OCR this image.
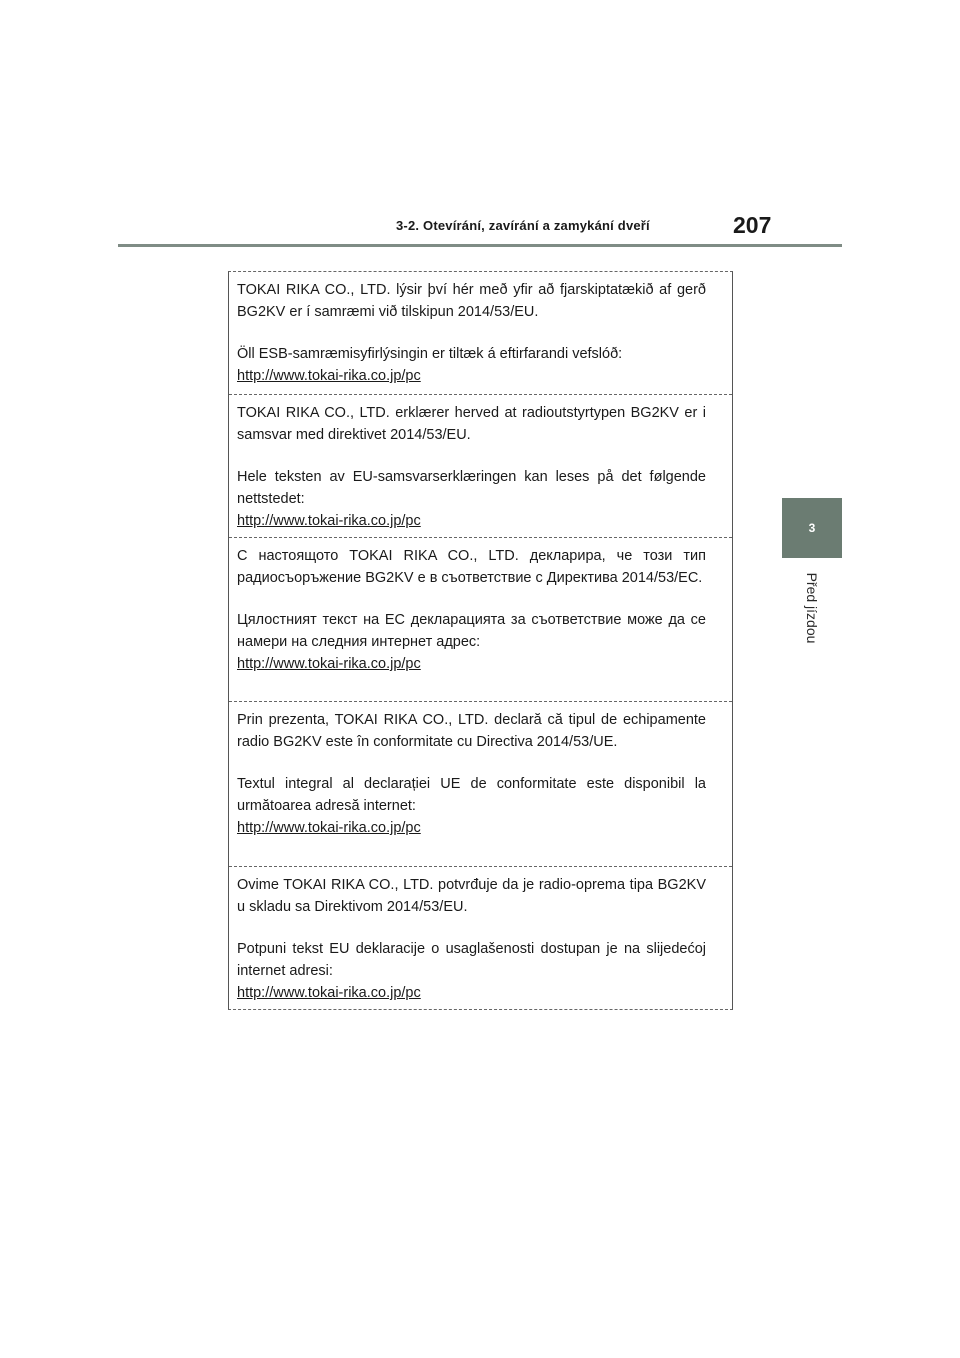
3-2. Otevírání, zavírání a zamykání dveří	207
3
Před jízdou

TOKAI RIKA CO., LTD. lýsir því hér með yfir að fjarskiptatækið af gerð BG2KV er í samræmi við tilskipun 2014/53/EU.

Öll ESB-samræmisyfirlýsingin er tiltæk á eftirfarandi vefslóð:

http://www.tokai-rika.co.jp/pc

TOKAI RIKA CO., LTD. erklærer herved at radioutstyrtypen BG2KV er i samsvar med direktivet 2014/53/EU.

Hele teksten av EU-samsvarserklæringen kan leses på det følgende nettstedet:

http://www.tokai-rika.co.jp/pc

С настоящото TOKAI RIKA CO., LTD. декларира, че този тип радиосъоръжение BG2KV е в съответствие с Директива 2014/53/ЕС.

Цялостният текст на ЕС декларацията за съответствие може да се намери на следния интернет адрес:

http://www.tokai-rika.co.jp/pc

Prin prezenta, TOKAI RIKA CO., LTD. declară că tipul de echipamente radio BG2KV este în conformitate cu Directiva 2014/53/UE.

Textul integral al declarației UE de conformitate este disponibil la următoarea adresă internet:

http://www.tokai-rika.co.jp/pc

Ovime TOKAI RIKA CO., LTD. potvrđuje da je radio-oprema tipa BG2KV u skladu sa Direktivom 2014/53/EU.

Potpuni tekst EU deklaracije o usaglašenosti dostupan je na slijedećoj internet adresi:

http://www.tokai-rika.co.jp/pc
